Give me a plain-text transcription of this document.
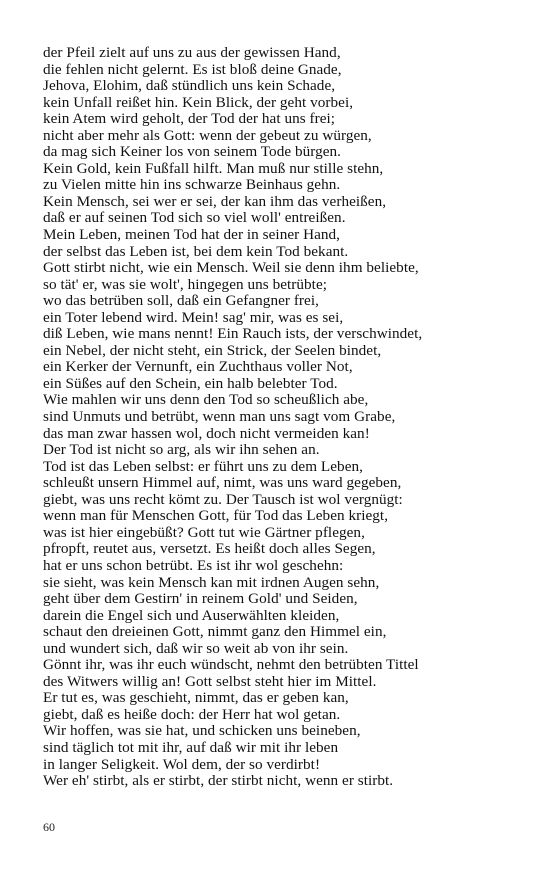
der Pfeil zielt auf uns zu aus der gewissen Hand,
die fehlen nicht gelernt. Es ist bloß deine Gnade,
Jehova, Elohim, daß stündlich uns kein Schade,
kein Unfall reißet hin. Kein Blick, der geht vorbei,
kein Atem wird geholt, der Tod der hat uns frei;
nicht aber mehr als Gott: wenn der gebeut zu würgen,
da mag sich Keiner los von seinem Tode bürgen.
Kein Gold, kein Fußfall hilft. Man muß nur stille stehn,
zu Vielen mitte hin ins schwarze Beinhaus gehn.
Kein Mensch, sei wer er sei, der kan ihm das verheißen,
daß er auf seinen Tod sich so viel woll' entreißen.
Mein Leben, meinen Tod hat der in seiner Hand,
der selbst das Leben ist, bei dem kein Tod bekant.
Gott stirbt nicht, wie ein Mensch. Weil sie denn ihm beliebte,
so tät' er, was sie wolt', hingegen uns betrübte;
wo das betrüben soll, daß ein Gefangner frei,
ein Toter lebend wird. Mein! sag' mir, was es sei,
diß Leben, wie mans nennt! Ein Rauch ists, der verschwindet,
ein Nebel, der nicht steht, ein Strick, der Seelen bindet,
ein Kerker der Vernunft, ein Zuchthaus voller Not,
ein Süßes auf den Schein, ein halb belebter Tod.
Wie mahlen wir uns denn den Tod so scheußlich abe,
sind Unmuts und betrübt, wenn man uns sagt vom Grabe,
das man zwar hassen wol, doch nicht vermeiden kan!
Der Tod ist nicht so arg, als wir ihn sehen an.
Tod ist das Leben selbst: er führt uns zu dem Leben,
schleußt unsern Himmel auf, nimt, was uns ward gegeben,
giebt, was uns recht kömt zu. Der Tausch ist wol vergnügt:
wenn man für Menschen Gott, für Tod das Leben kriegt,
was ist hier eingebüßt? Gott tut wie Gärtner pflegen,
pfropft, reutet aus, versetzt. Es heißt doch alles Segen,
hat er uns schon betrübt. Es ist ihr wol geschehn:
sie sieht, was kein Mensch kan mit irdnen Augen sehn,
geht über dem Gestirn' in reinem Gold' und Seiden,
darein die Engel sich und Auserwählten kleiden,
schaut den dreieinen Gott, nimmt ganz den Himmel ein,
und wundert sich, daß wir so weit ab von ihr sein.
Gönnt ihr, was ihr euch wündscht, nehmt den betrübten Tittel
des Witwers willig an! Gott selbst steht hier im Mittel.
Er tut es, was geschieht, nimmt, das er geben kan,
giebt, daß es heiße doch: der Herr hat wol getan.
Wir hoffen, was sie hat, und schicken uns beineben,
sind täglich tot mit ihr, auf daß wir mit ihr leben
in langer Seligkeit. Wol dem, der so verdirbt!
Wer eh' stirbt, als er stirbt, der stirbt nicht, wenn er stirbt.
60
